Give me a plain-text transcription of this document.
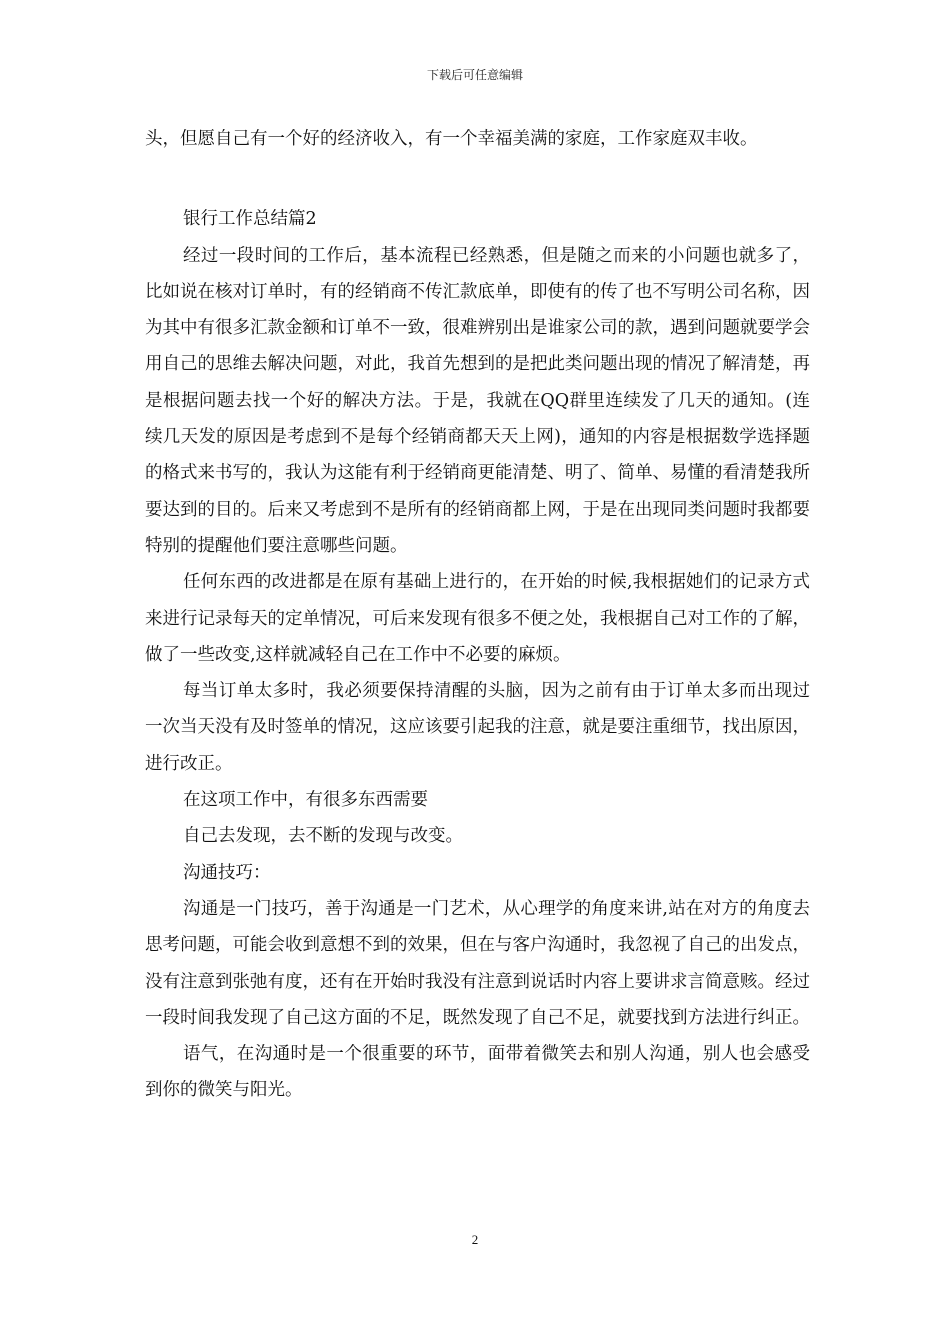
下载后可任意编辑

头，但愿自己有一个好的经济收入，有一个幸福美满的家庭，工作家庭双丰收。

银行工作总结篇2

经过一段时间的工作后，基本流程已经熟悉，但是随之而来的小问题也就多了，比如说在核对订单时，有的经销商不传汇款底单，即使有的传了也不写明公司名称，因为其中有很多汇款金额和订单不一致，很难辨别出是谁家公司的款，遇到问题就要学会用自己的思维去解决问题，对此，我首先想到的是把此类问题出现的情况了解清楚，再是根据问题去找一个好的解决方法。于是，我就在QQ群里连续发了几天的通知。(连续几天发的原因是考虑到不是每个经销商都天天上网)，通知的内容是根据数学选择题的格式来书写的，我认为这能有利于经销商更能清楚、明了、简单、易懂的看清楚我所要达到的目的。后来又考虑到不是所有的经销商都上网，于是在出现同类问题时我都要特别的提醒他们要注意哪些问题。

任何东西的改进都是在原有基础上进行的，在开始的时候,我根据她们的记录方式来进行记录每天的定单情况，可后来发现有很多不便之处，我根据自己对工作的了解，做了一些改变,这样就减轻自己在工作中不必要的麻烦。

每当订单太多时，我必须要保持清醒的头脑，因为之前有由于订单太多而出现过一次当天没有及时签单的情况，这应该要引起我的注意，就是要注重细节，找出原因，进行改正。

在这项工作中，有很多东西需要

自己去发现，去不断的发现与改变。

沟通技巧：

沟通是一门技巧，善于沟通是一门艺术，从心理学的角度来讲,站在对方的角度去思考问题，可能会收到意想不到的效果，但在与客户沟通时，我忽视了自己的出发点，没有注意到张弛有度，还有在开始时我没有注意到说话时内容上要讲求言简意赅。经过一段时间我发现了自己这方面的不足，既然发现了自己不足，就要找到方法进行纠正。

语气，在沟通时是一个很重要的环节，面带着微笑去和别人沟通，别人也会感受到你的微笑与阳光。

2
